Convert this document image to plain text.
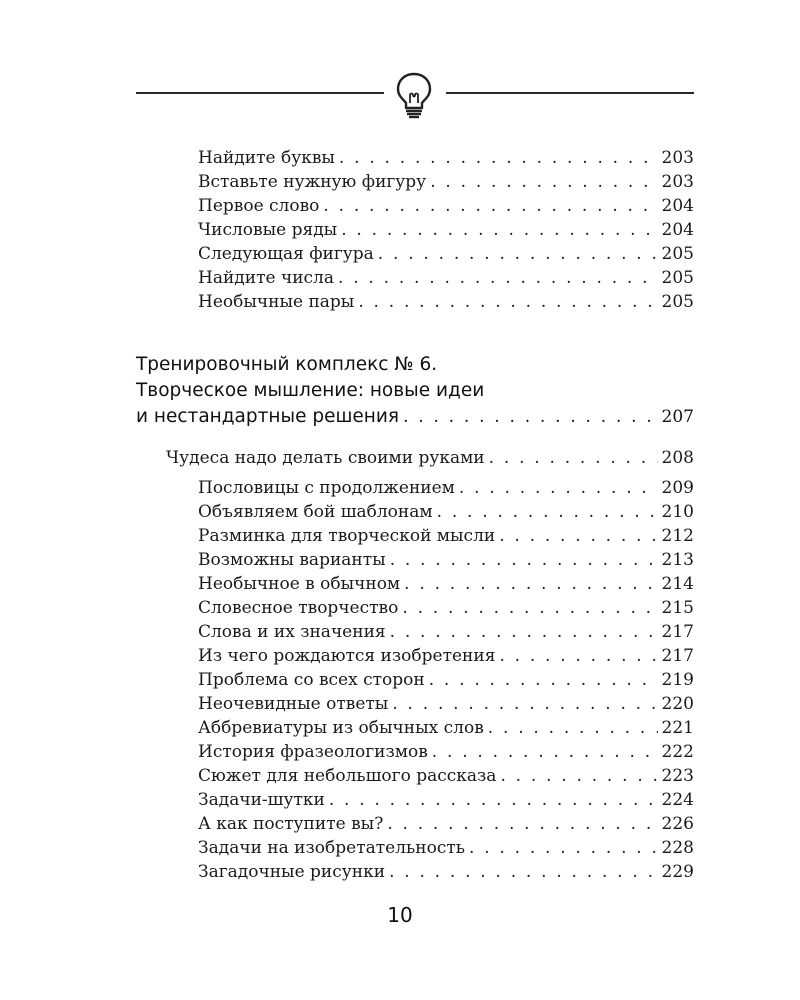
Найдите буквы . . .	203
Вставьте нужную фигуру . . .	203
Первое слово . . .	204
Числовые ряды . . .	204
Следующая фигура . . .	205
Найдите числа . . .	205
Необычные пары . . .	205
Тренировочный комплекс № 6.
Творческое мышление: новые идеи
и нестандартные решения . . .	207
Чудеса надо делать своими руками . . .	208
Пословицы с продолжением . . .	209
Объявляем бой шаблонам . . .	210
Разминка для творческой мысли . . .	212
Возможны варианты . . .	213
Необычное в обычном . . .	214
Словесное творчество . . .	215
Слова и их значения . . .	217
Из чего рождаются изобретения . . .	217
Проблема со всех сторон . . .	219
Неочевидные ответы . . .	220
Аббревиатуры из обычных слов . . .	221
История фразеологизмов . . .	222
Сюжет для небольшого рассказа . . .	223
Задачи-шутки . . .	224
А как поступите вы? . . .	226
Задачи на изобретательность . . .	228
Загадочные рисунки . . .	229
10
